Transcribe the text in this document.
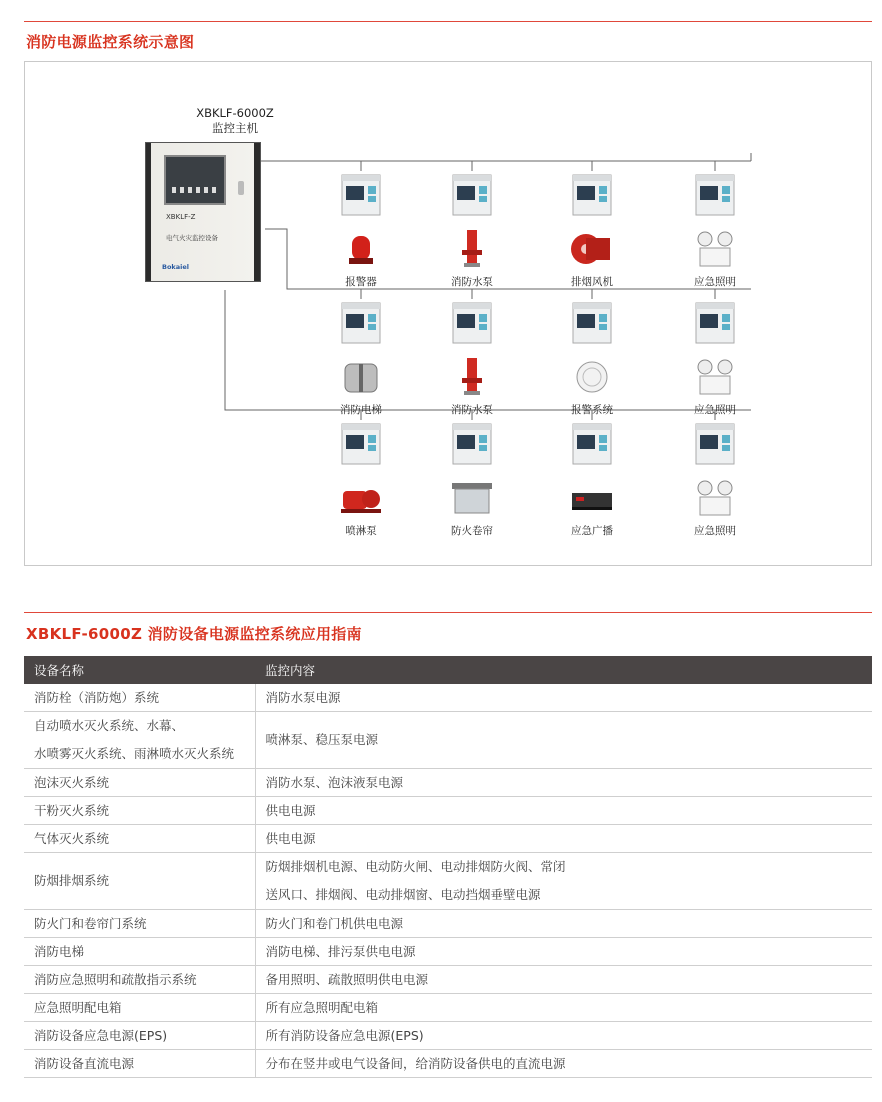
消防电源监控系统示意图
XBKLF-6000Z
监控主机
XBKLF-Z
电气火灾监控设备
Bokaiel
报警器	消防水泵	排烟风机	应急照明
消防电梯	消防水泵	报警系统	应急照明
喷淋泵	防火卷帘	应急广播	应急照明
XBKLF-6000Z 消防设备电源监控系统应用指南
设备名称	监控内容

消防栓（消防炮）系统	消防水泵电源

自动喷水灭火系统、水幕、
水喷雾灭火系统、雨淋喷水灭火系统	喷淋泵、稳压泵电源

泡沫灭火系统	消防水泵、泡沫液泵电源

干粉灭火系统	供电电源

气体灭火系统	供电电源

防烟排烟系统	防烟排烟机电源、电动防火闸、电动排烟防火阀、常闭
送风口、排烟阀、电动排烟窗、电动挡烟垂壁电源

防火门和卷帘门系统	防火门和卷门机供电电源

消防电梯	消防电梯、排污泵供电电源

消防应急照明和疏散指示系统	备用照明、疏散照明供电电源

应急照明配电箱	所有应急照明配电箱

消防设备应急电源(EPS)	所有消防设备应急电源(EPS)

消防设备直流电源	分布在竖井或电气设备间，给消防设备供电的直流电源
